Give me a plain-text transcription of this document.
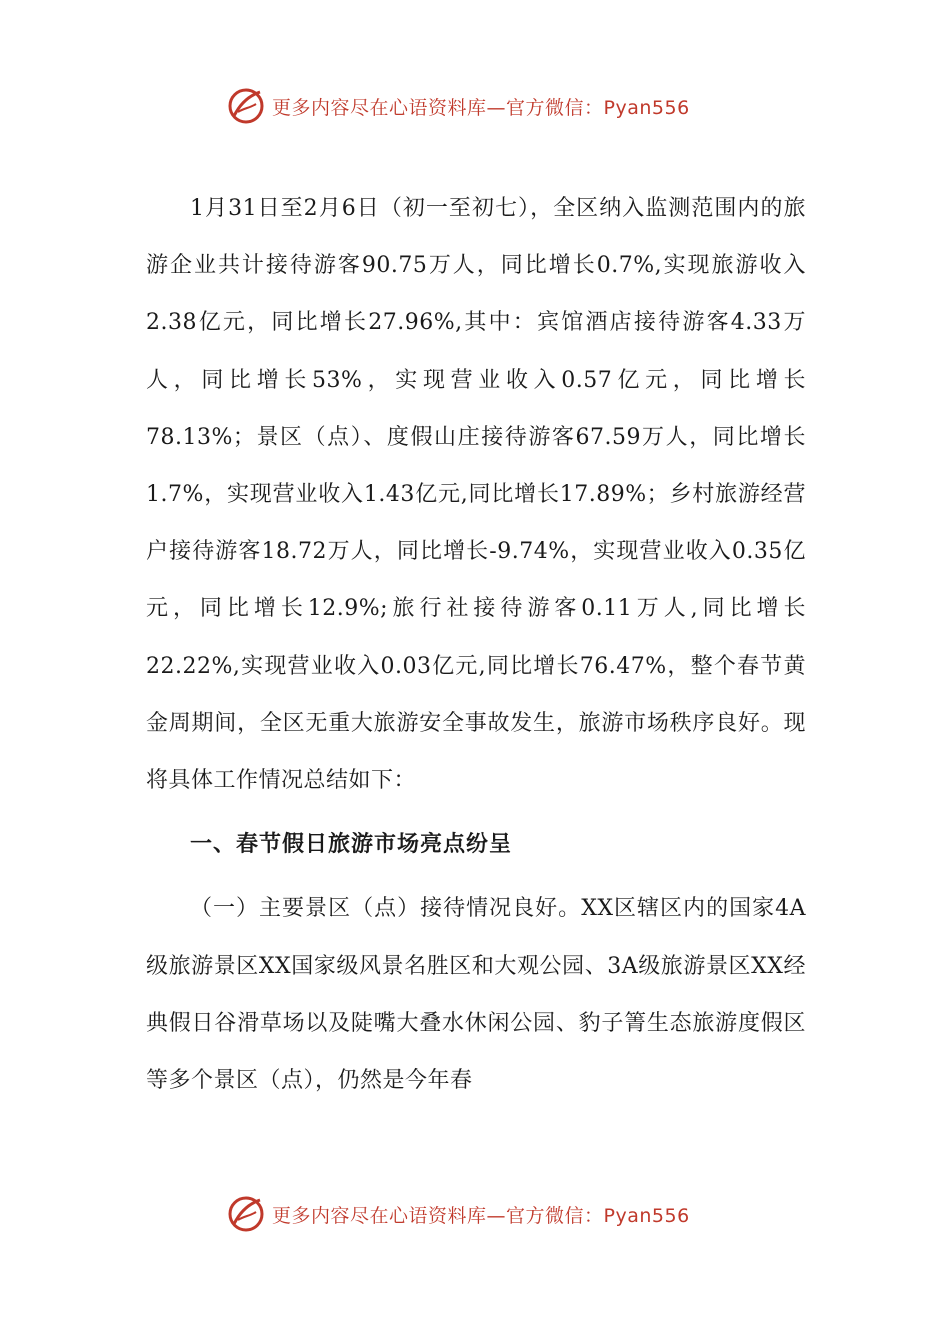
更多内容尽在心语资料库—官方微信：Pyan556

1月31日至2月6日（初一至初七），全区纳入监测范围内的旅游企业共计接待游客90.75万人，同比增长0.7%,实现旅游收入2.38亿元，同比增长27.96%,其中：宾馆酒店接待游客4.33万人，同比增长53%，实现营业收入0.57亿元，同比增长78.13%；景区（点）、度假山庄接待游客67.59万人，同比增长1.7%，实现营业收入1.43亿元,同比增长17.89%；乡村旅游经营户接待游客18.72万人，同比增长-9.74%，实现营业收入0.35亿元，同比增长12.9%;旅行社接待游客0.11万人,同比增长22.22%,实现营业收入0.03亿元,同比增长76.47%，整个春节黄金周期间，全区无重大旅游安全事故发生，旅游市场秩序良好。现将具体工作情况总结如下：

一、春节假日旅游市场亮点纷呈

（一）主要景区（点）接待情况良好。XX区辖区内的国家4A级旅游景区XX国家级风景名胜区和大观公园、3A级旅游景区XX经典假日谷滑草场以及陡嘴大叠水休闲公园、豹子箐生态旅游度假区等多个景区（点），仍然是今年春

更多内容尽在心语资料库—官方微信：Pyan556
